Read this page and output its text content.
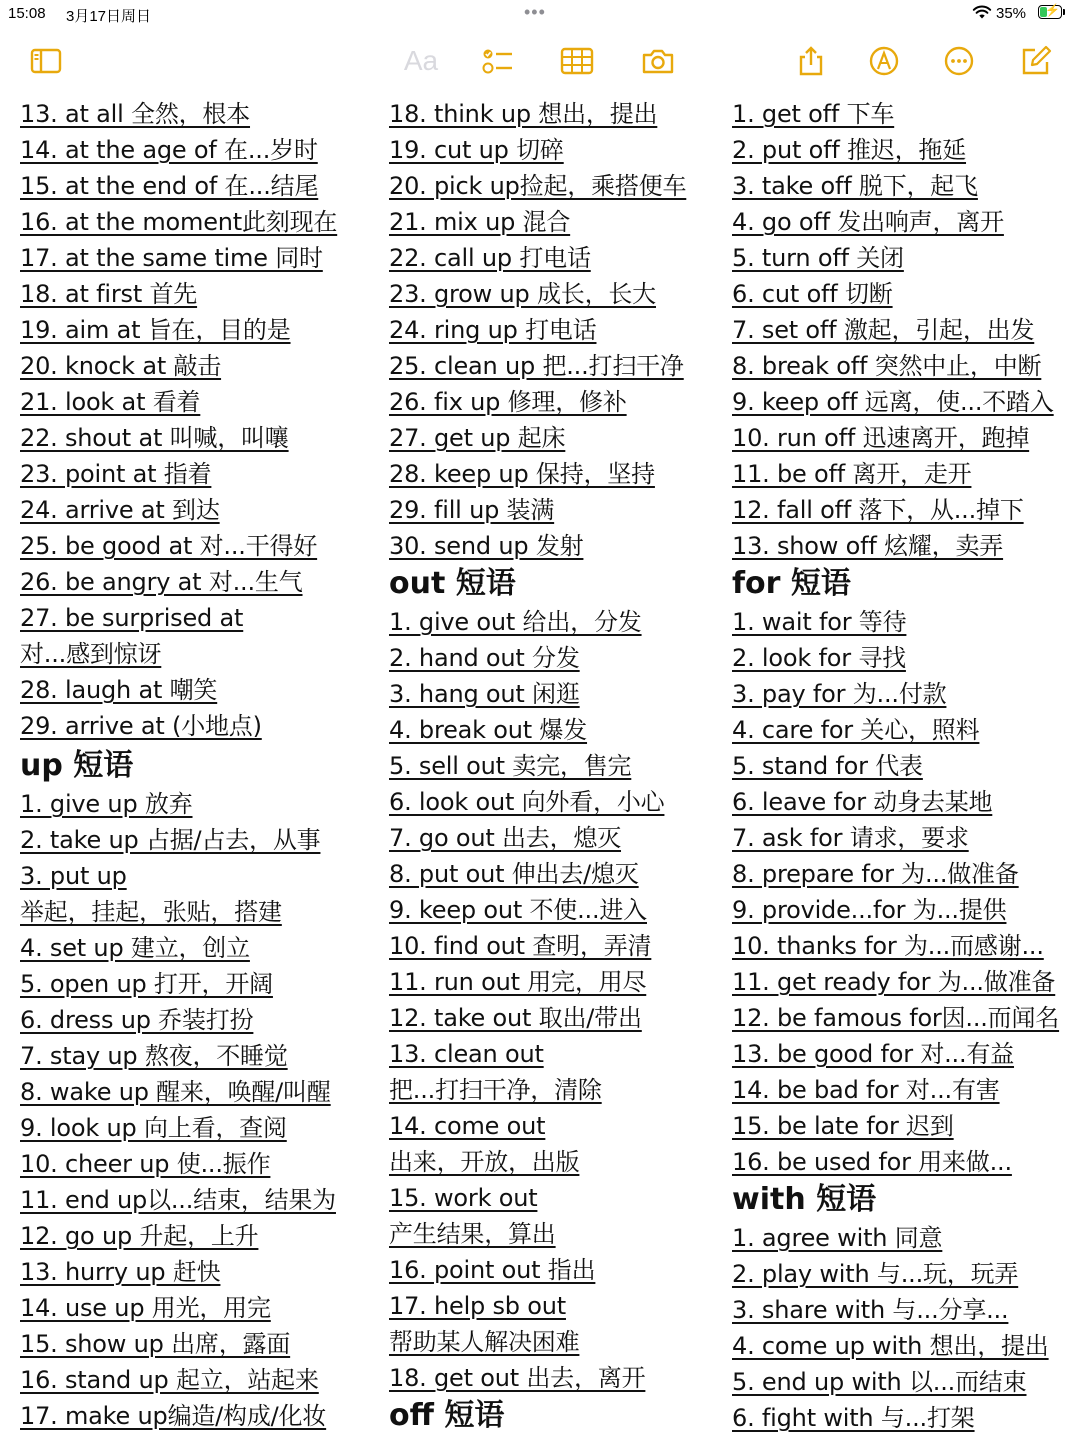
15:08 3月17日周日	•••	35% ⚡
Aa
13. at all 全然，根本
14. at the age of 在...岁时
15. at the end of 在...结尾
16. at the moment此刻现在
17. at the same time 同时
18. at first 首先
19. aim at 旨在，目的是
20. knock at 敲击
21. look at 看着
22. shout at 叫喊，叫嚷
23. point at 指着
24. arrive at 到达
25. be good at 对...干得好
26. be angry at 对...生气
27. be surprised at
对...感到惊讶
28. laugh at 嘲笑
29. arrive at (小地点)
up 短语
1. give up 放弃
2. take up 占据/占去，从事
3. put up
举起，挂起，张贴，搭建
4. set up 建立，创立
5. open up 打开，开阔
6. dress up 乔装打扮
7. stay up 熬夜，不睡觉
8. wake up 醒来，唤醒/叫醒
9. look up 向上看，查阅
10. cheer up 使...振作
11. end up以...结束，结果为
12. go up 升起，上升
13. hurry up 赶快
14. use up 用光，用完
15. show up 出席，露面
16. stand up 起立，站起来
17. make up编造/构成/化妆
18. think up 想出，提出
19. cut up 切碎
20. pick up捡起，乘搭便车
21. mix up 混合
22. call up 打电话
23. grow up 成长，长大
24. ring up 打电话
25. clean up 把...打扫干净
26. fix up 修理，修补
27. get up 起床
28. keep up 保持，坚持
29. fill up 装满
30. send up 发射
out 短语
1. give out 给出，分发
2. hand out 分发
3. hang out 闲逛
4. break out 爆发
5. sell out 卖完，售完
6. look out 向外看，小心
7. go out 出去，熄灭
8. put out 伸出去/熄灭
9. keep out 不使...进入
10. find out 查明，弄清
11. run out 用完，用尽
12. take out 取出/带出
13. clean out
把...打扫干净，清除
14. come out
出来，开放，出版
15. work out
产生结果，算出
16. point out 指出
17. help sb out
帮助某人解决困难
18. get out 出去，离开
off 短语
1. get off 下车
2. put off 推迟，拖延
3. take off 脱下，起飞
4. go off 发出响声，离开
5. turn off 关闭
6. cut off 切断
7. set off 激起，引起，出发
8. break off 突然中止，中断
9. keep off 远离，使...不踏入
10. run off 迅速离开，跑掉
11. be off 离开，走开
12. fall off 落下，从...掉下
13. show off 炫耀，卖弄
for 短语
1. wait for 等待
2. look for 寻找
3. pay for 为...付款
4. care for 关心，照料
5. stand for 代表
6. leave for 动身去某地
7. ask for 请求，要求
8. prepare for 为...做准备
9. provide...for 为...提供
10. thanks for 为...而感谢...
11. get ready for 为...做准备
12. be famous for因...而闻名
13. be good for 对...有益
14. be bad for 对...有害
15. be late for 迟到
16. be used for 用来做...
with 短语
1. agree with 同意
2. play with 与...玩，玩弄
3. share with 与...分享...
4. come up with 想出，提出
5. end up with 以...而结束
6. fight with 与...打架
